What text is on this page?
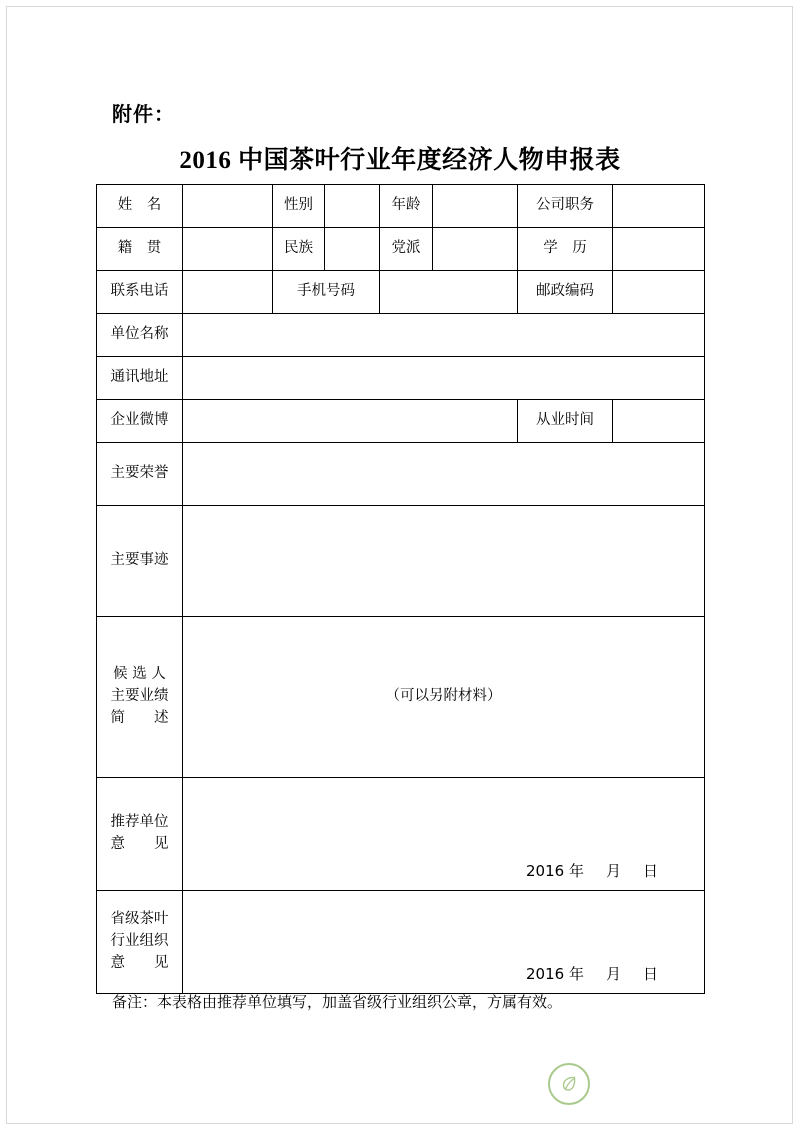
附件：
2016 中国茶叶行业年度经济人物申报表
姓　名		性别		年龄		公司职务	
籍　贯		民族		党派		学　历	
联系电话		手机号码				邮政编码	
单位名称							
通讯地址							
企业微博						从业时间	
主要荣誉							
主要事迹							

候 选 人
主要业绩
简　　述	（可以另附材料）						

推荐单位
意　　见	2016 年 月 日						

省级茶叶
行业组织
意　　见	2016 年 月 日						
备注：本表格由推荐单位填写，加盖省级行业组织公章，方属有效。
